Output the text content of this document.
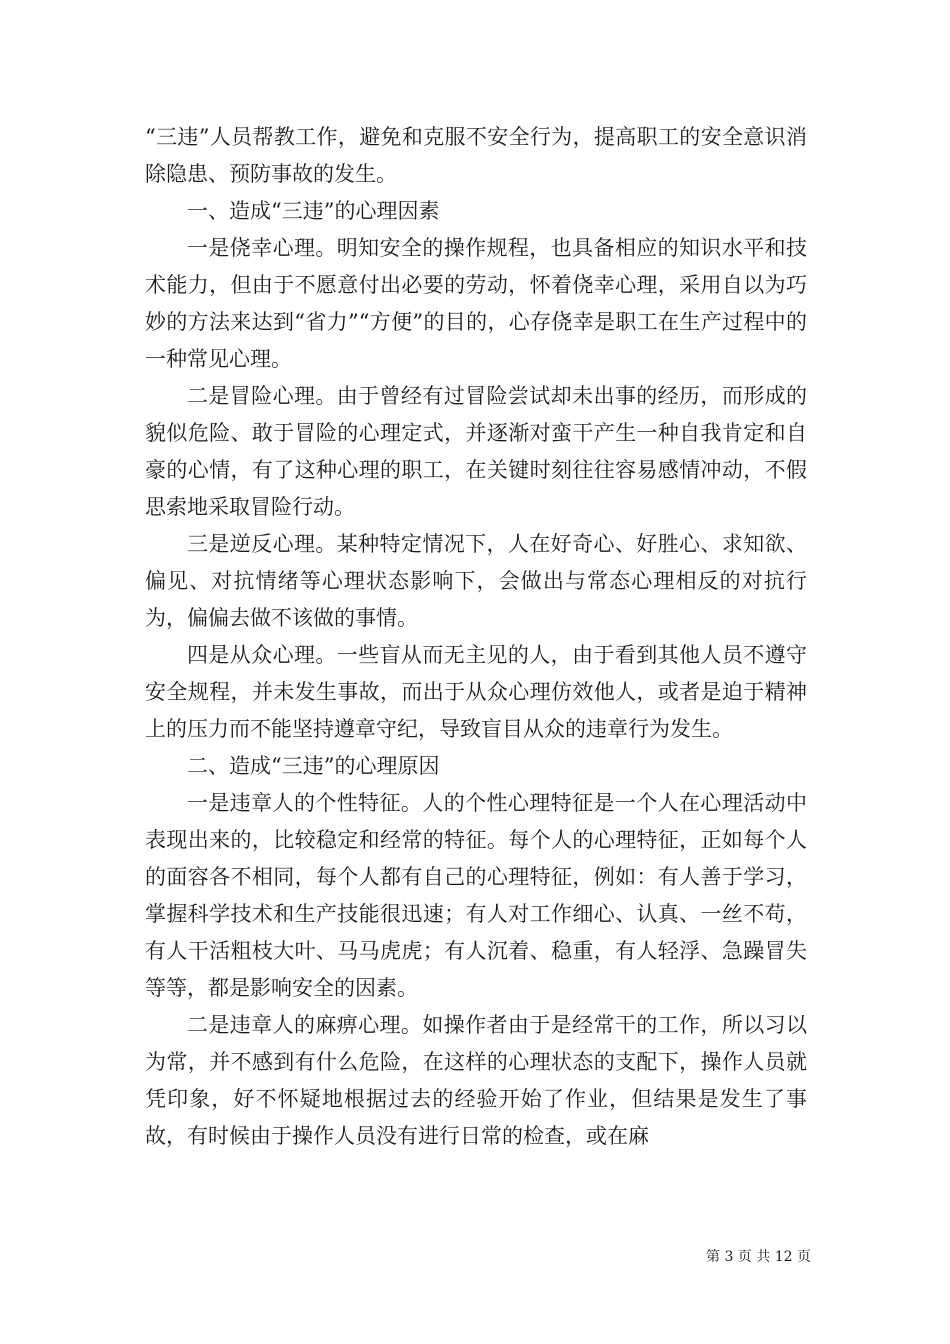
“三违”人员帮教工作，避免和克服不安全行为，提高职工的安全意识消除隐患、预防事故的发生。

一、造成“三违”的心理因素

一是侥幸心理。明知安全的操作规程，也具备相应的知识水平和技术能力，但由于不愿意付出必要的劳动，怀着侥幸心理，采用自以为巧妙的方法来达到“省力”“方便”的目的，心存侥幸是职工在生产过程中的一种常见心理。

二是冒险心理。由于曾经有过冒险尝试却未出事的经历，而形成的貌似危险、敢于冒险的心理定式，并逐渐对蛮干产生一种自我肯定和自豪的心情，有了这种心理的职工，在关键时刻往往容易感情冲动，不假思索地采取冒险行动。

三是逆反心理。某种特定情况下，人在好奇心、好胜心、求知欲、偏见、对抗情绪等心理状态影响下，会做出与常态心理相反的对抗行为，偏偏去做不该做的事情。

四是从众心理。一些盲从而无主见的人，由于看到其他人员不遵守安全规程，并未发生事故，而出于从众心理仿效他人，或者是迫于精神上的压力而不能坚持遵章守纪，导致盲目从众的违章行为发生。

二、造成“三违”的心理原因

一是违章人的个性特征。人的个性心理特征是一个人在心理活动中表现出来的，比较稳定和经常的特征。每个人的心理特征，正如每个人的面容各不相同，每个人都有自己的心理特征，例如：有人善于学习，掌握科学技术和生产技能很迅速；有人对工作细心、认真、一丝不苟，有人干活粗枝大叶、马马虎虎；有人沉着、稳重，有人轻浮、急躁冒失等等，都是影响安全的因素。

二是违章人的麻痹心理。如操作者由于是经常干的工作，所以习以为常，并不感到有什么危险，在这样的心理状态的支配下，操作人员就凭印象，好不怀疑地根据过去的经验开始了作业，但结果是发生了事故，有时候由于操作人员没有进行日常的检查，或在麻

第 3 页 共 12 页
